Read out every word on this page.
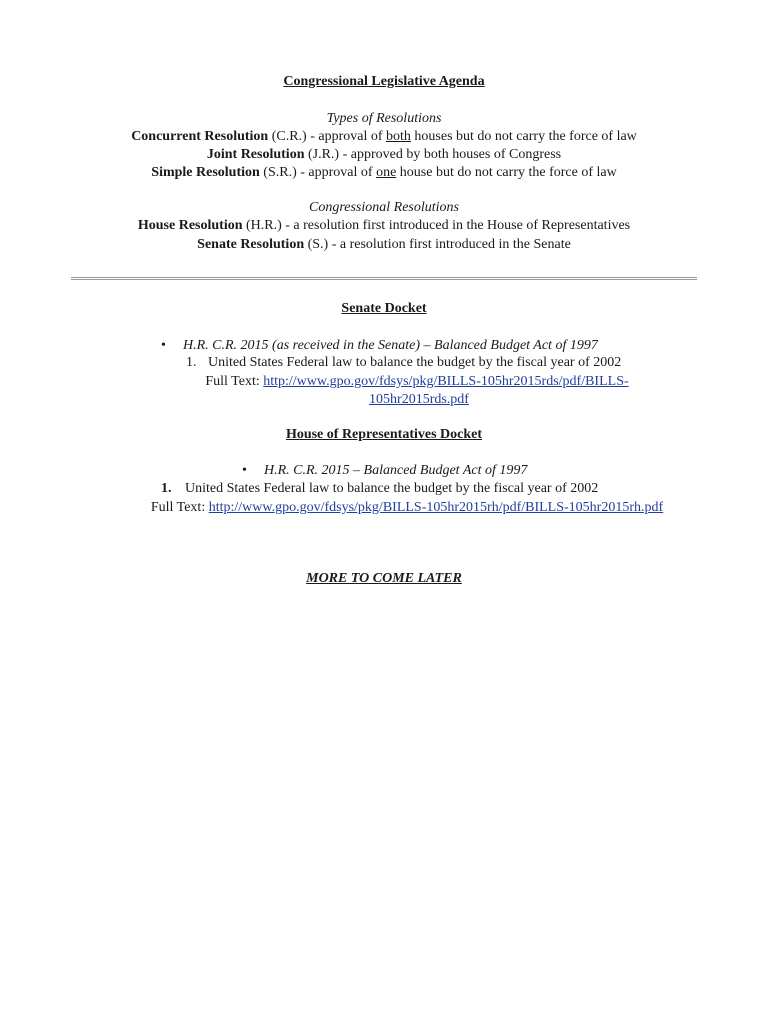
Congressional Legislative Agenda
Types of Resolutions
Concurrent Resolution (C.R.) - approval of both houses but do not carry the force of law
Joint Resolution (J.R.) - approved by both houses of Congress
Simple Resolution (S.R.) - approval of one house but do not carry the force of law
Congressional Resolutions
House Resolution (H.R.) - a resolution first introduced in the House of Representatives
Senate Resolution (S.) - a resolution first introduced in the Senate
Senate Docket
• H.R. C.R. 2015 (as received in the Senate) – Balanced Budget Act of 1997
1. United States Federal law to balance the budget by the fiscal year of 2002
Full Text: http://www.gpo.gov/fdsys/pkg/BILLS-105hr2015rds/pdf/BILLS-
105hr2015rds.pdf
House of Representatives Docket
• H.R. C.R. 2015 – Balanced Budget Act of 1997
1. United States Federal law to balance the budget by the fiscal year of 2002
Full Text: http://www.gpo.gov/fdsys/pkg/BILLS-105hr2015rh/pdf/BILLS-105hr2015rh.pdf
MORE TO COME LATER
